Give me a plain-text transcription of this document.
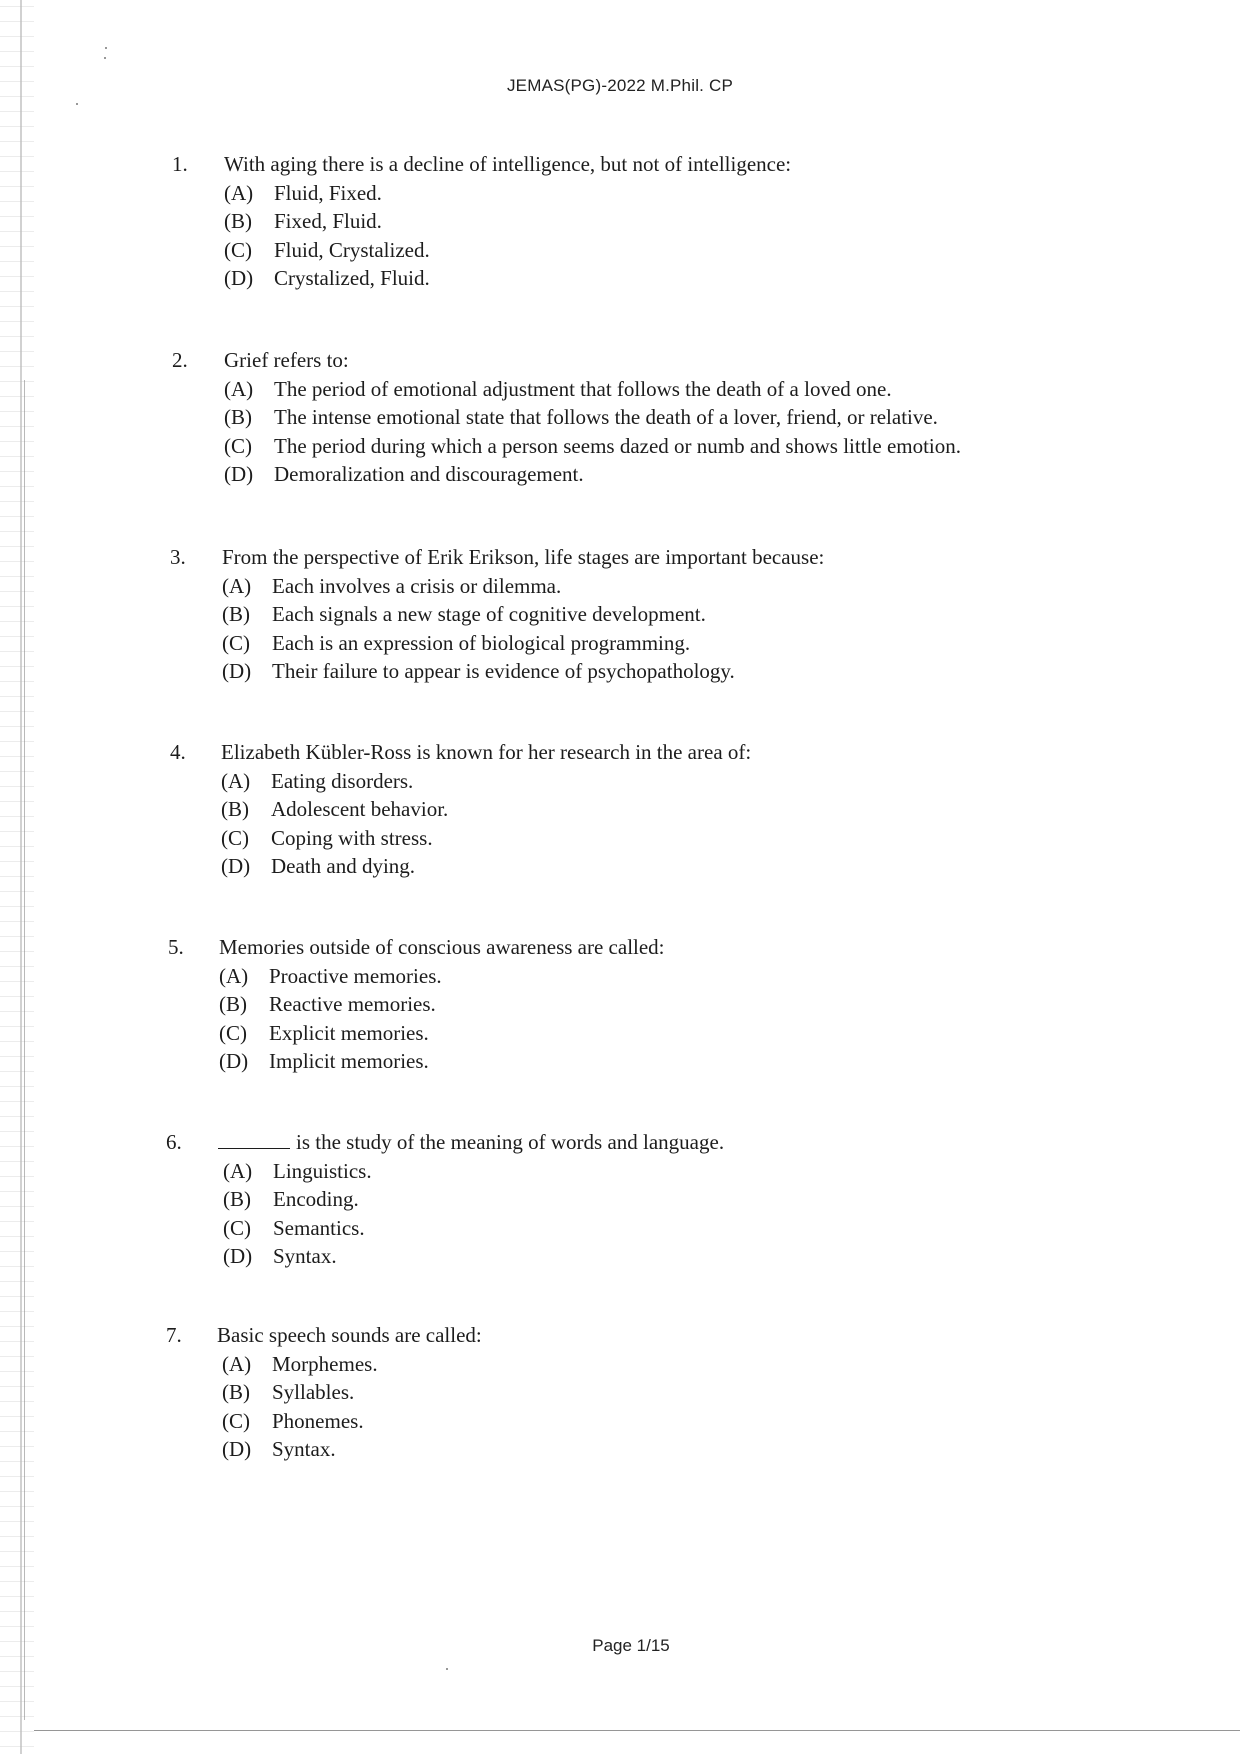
JEMAS(PG)-2022 M.Phil. CP
1. With aging there is a decline of intelligence, but not of intelligence:
(A) Fluid, Fixed.
(B) Fixed, Fluid.
(C) Fluid, Crystalized.
(D) Crystalized, Fluid.
2. Grief refers to:
(A) The period of emotional adjustment that follows the death of a loved one.
(B) The intense emotional state that follows the death of a lover, friend, or relative.
(C) The period during which a person seems dazed or numb and shows little emotion.
(D) Demoralization and discouragement.
3. From the perspective of Erik Erikson, life stages are important because:
(A) Each involves a crisis or dilemma.
(B) Each signals a new stage of cognitive development.
(C) Each is an expression of biological programming.
(D) Their failure to appear is evidence of psychopathology.
4. Elizabeth Kübler-Ross is known for her research in the area of:
(A) Eating disorders.
(B) Adolescent behavior.
(C) Coping with stress.
(D) Death and dying.
5. Memories outside of conscious awareness are called:
(A) Proactive memories.
(B) Reactive memories.
(C) Explicit memories.
(D) Implicit memories.
6.	is the study of the meaning of words and language.
(A) Linguistics.
(B) Encoding.
(C) Semantics.
(D) Syntax.
7. Basic speech sounds are called:
(A) Morphemes.
(B) Syllables.
(C) Phonemes.
(D) Syntax.
Page 1/15
